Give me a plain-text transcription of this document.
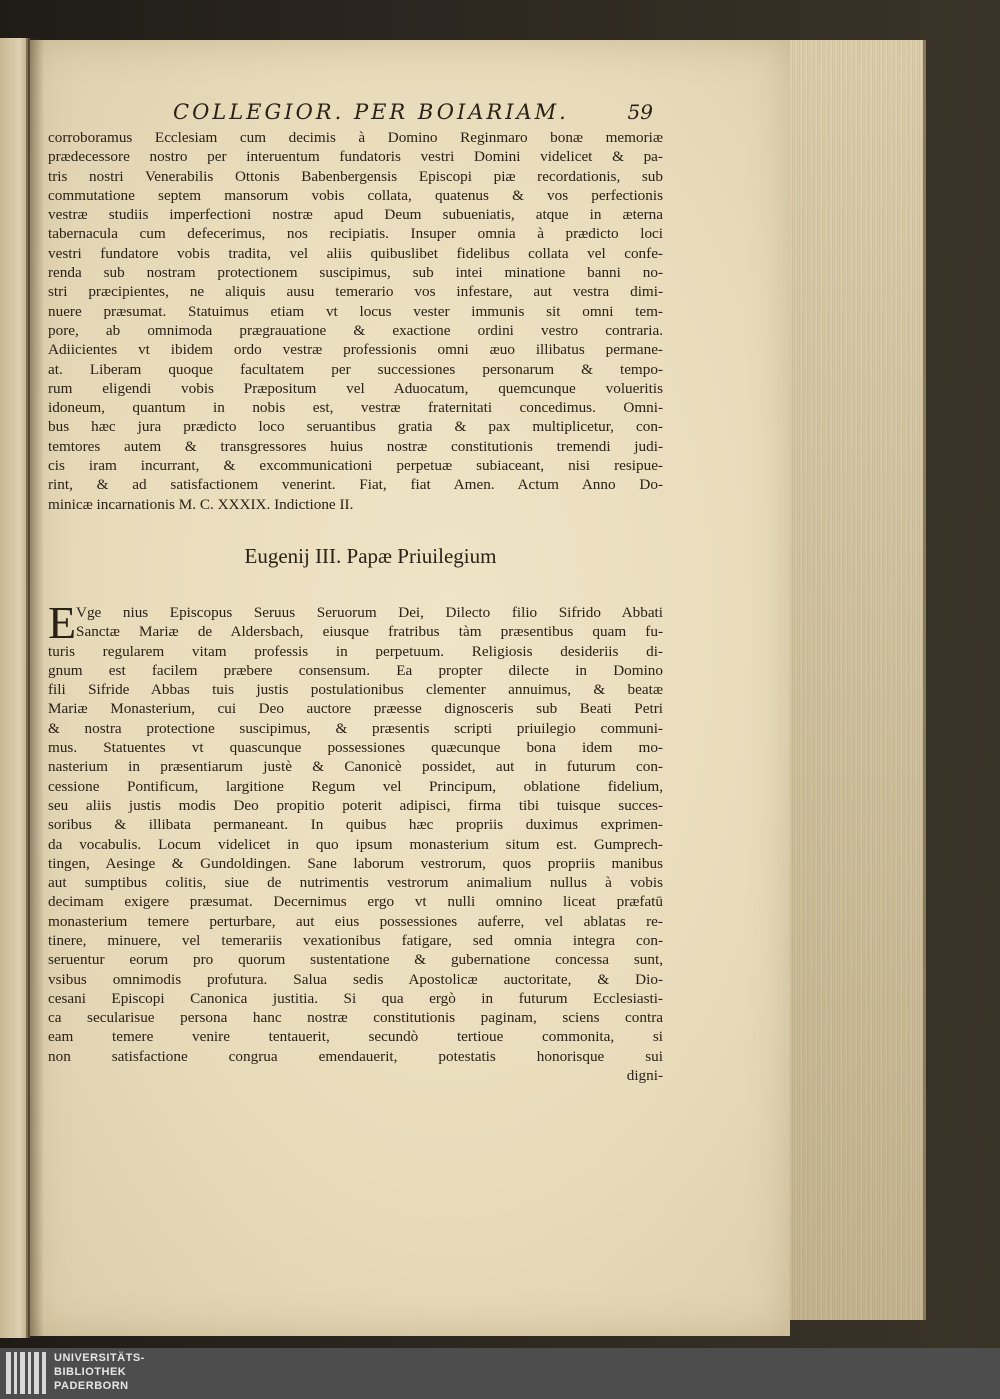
COLLEGIOR. PER BOIARIAM.	59

corroboramus Ecclesiam cum decimis à Domino Reginmaro bonæ memoriæ
prædecessore nostro per interuentum fundatoris vestri Domini videlicet & pa-
tris nostri Venerabilis Ottonis Babenbergensis Episcopi piæ recordationis, sub
commutatione septem mansorum vobis collata, quatenus & vos perfectionis
vestræ studiis imperfectioni nostræ apud Deum subueniatis, atque in æterna
tabernacula cum defecerimus, nos recipiatis. Insuper omnia à prædicto loci
vestri fundatore vobis tradita, vel aliis quibuslibet fidelibus collata vel confe-
renda sub nostram protectionem suscipimus, sub intei minatione banni no-
stri præcipientes, ne aliquis ausu temerario vos infestare, aut vestra dimi-
nuere præsumat. Statuimus etiam vt locus vester immunis sit omni tem-
pore, ab omnimoda prægrauatione & exactione ordini vestro contraria.
Adiicientes vt ibidem ordo vestræ professionis omni æuo illibatus permane-
at. Liberam quoque facultatem per successiones personarum & tempo-
rum eligendi vobis Præpositum vel Aduocatum, quemcunque volueritis
idoneum, quantum in nobis est, vestræ fraternitati concedimus. Omni-
bus hæc jura prædicto loco seruantibus gratia & pax multiplicetur, con-
temtores autem & transgressores huius nostræ constitutionis tremendi judi-
cis iram incurrant, & excommunicationi perpetuæ subiaceant, nisi resipue-
rint, & ad satisfactionem venerint. Fiat, fiat Amen. Actum Anno Do-
minicæ incarnationis M. C. XXXIX. Indictione II.

Eugenij III. Papæ Priuilegium
E Vge nius Episcopus Seruus Seruorum Dei, Dilecto filio Sifrido Abbati
Sanctæ Mariæ de Aldersbach, eiusque fratribus tàm præsentibus quam fu-
turis regularem vitam professis in perpetuum. Religiosis desideriis di-
gnum est facilem præbere consensum. Ea propter dilecte in Domino
fili Sifride Abbas tuis justis postulationibus clementer annuimus, & beatæ
Mariæ Monasterium, cui Deo auctore præesse dignosceris sub Beati Petri
& nostra protectione suscipimus, & præsentis scripti priuilegio communi-
mus. Statuentes vt quascunque possessiones quæcunque bona idem mo-
nasterium in præsentiarum justè & Canonicè possidet, aut in futurum con-
cessione Pontificum, largitione Regum vel Principum, oblatione fidelium,
seu aliis justis modis Deo propitio poterit adipisci, firma tibi tuisque succes-
soribus & illibata permaneant. In quibus hæc propriis duximus exprimen-
da vocabulis. Locum videlicet in quo ipsum monasterium situm est. Gumprech-
tingen, Aesinge & Gundoldingen. Sane laborum vestrorum, quos propriis manibus
aut sumptibus colitis, siue de nutrimentis vestrorum animalium nullus à vobis
decimam exigere præsumat. Decernimus ergo vt nulli omnino liceat præfatū
monasterium temere perturbare, aut eius possessiones auferre, vel ablatas re-
tinere, minuere, vel temerariis vexationibus fatigare, sed omnia integra con-
seruentur eorum pro quorum sustentatione & gubernatione concessa sunt,
vsibus omnimodis profutura. Salua sedis Apostolicæ auctoritate, & Dio-
cesani Episcopi Canonica justitia. Si qua ergò in futurum Ecclesiasti-
ca secularisue persona hanc nostræ constitutionis paginam, sciens contra
eam temere venire tentauerit, secundò tertioue commonita, si
non satisfactione congrua emendauerit, potestatis honorisque sui
digni-

UNIVERSITÄTS-
BIBLIOTHEK
PADERBORN
